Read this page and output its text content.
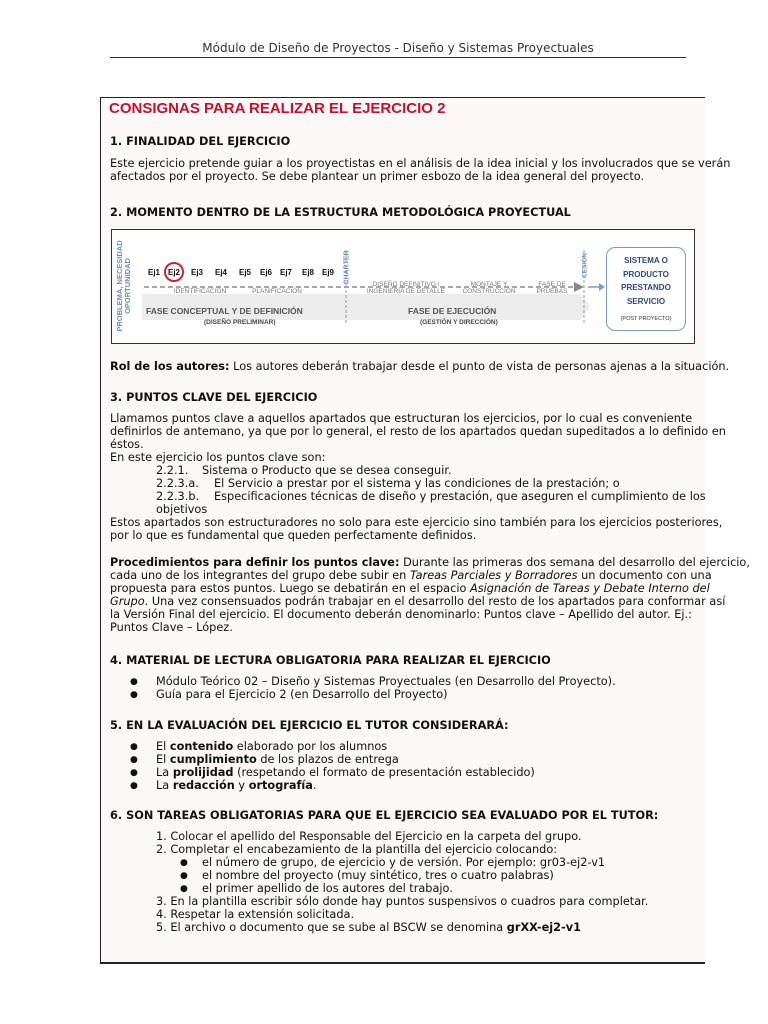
Módulo de Diseño de Proyectos - Diseño y Sistemas Proyectuales
CONSIGNAS PARA REALIZAR EL EJERCICIO 2
1. FINALIDAD DEL EJERCICIO
Este ejercicio pretende guiar a los proyectistas en el análisis de la idea inicial y los involucrados que se verán
afectados por el proyecto. Se debe plantear un primer esbozo de la idea general del proyecto.
2. MOMENTO DENTRO DE LA ESTRUCTURA METODOLÓGICA PROYECTUAL
PROBLEMA, NECESIDAD OPORTUNIDAD Ej1 Ej2 Ej3 Ej4 Ej5 Ej6 Ej7 Ej8 Ej9
IDENTIFICACIÓN	PLANIFICACIÓN
CHARTER	DISEÑO DEFINITIVO /
INGENIERÍA DE DETALLE
MONTAJE Y
CONSTRUCCIÓN
FASE DE
PRUEBAS
CESIÓN
FASE CONCEPTUAL Y DE DEFINICIÓN
(DISEÑO PRELIMINAR)
FASE DE EJECUCIÓN
(GESTIÓN Y DIRECCIÓN)
SISTEMA O
PRODUCTO
PRESTANDO
SERVICIO
(POST PROYECTO)
Rol de los autores: Los autores deberán trabajar desde el punto de vista de personas ajenas a la situación.
3. PUNTOS CLAVE DEL EJERCICIO
Llamamos puntos clave a aquellos apartados que estructuran los ejercicios, por lo cual es conveniente
definirlos de antemano, ya que por lo general, el resto de los apartados quedan supeditados a lo definido en
éstos.
En este ejercicio los puntos clave son:
2.2.1. Sistema o Producto que se desea conseguir.
2.2.3.a. El Servicio a prestar por el sistema y las condiciones de la prestación; o
2.2.3.b. Especificaciones técnicas de diseño y prestación, que aseguren el cumplimiento de los
objetivos
Estos apartados son estructuradores no solo para este ejercicio sino también para los ejercicios posteriores,
por lo que es fundamental que queden perfectamente definidos.
Procedimientos para definir los puntos clave: Durante las primeras dos semana del desarrollo del ejercicio,
cada uno de los integrantes del grupo debe subir en Tareas Parciales y Borradores un documento con una
propuesta para estos puntos. Luego se debatirán en el espacio Asignación de Tareas y Debate Interno del
Grupo. Una vez consensuados podrán trabajar en el desarrollo del resto de los apartados para conformar así
la Versión Final del ejercicio. El documento deberán denominarlo: Puntos clave – Apellido del autor. Ej.:
Puntos Clave – López.
4. MATERIAL DE LECTURA OBLIGATORIA PARA REALIZAR EL EJERCICIO
● Módulo Teórico 02 – Diseño y Sistemas Proyectuales (en Desarrollo del Proyecto).
● Guía para el Ejercicio 2 (en Desarrollo del Proyecto)
5. EN LA EVALUACIÓN DEL EJERCICIO EL TUTOR CONSIDERARÁ:
● El contenido elaborado por los alumnos
● El cumplimiento de los plazos de entrega
● La prolijidad (respetando el formato de presentación establecido)
● La redacción y ortografía.
6. SON TAREAS OBLIGATORIAS PARA QUE EL EJERCICIO SEA EVALUADO POR EL TUTOR:
1. Colocar el apellido del Responsable del Ejercicio en la carpeta del grupo.
2. Completar el encabezamiento de la plantilla del ejercicio colocando:
● el número de grupo, de ejercicio y de versión. Por ejemplo: gr03-ej2-v1
● el nombre del proyecto (muy sintético, tres o cuatro palabras)
● el primer apellido de los autores del trabajo.
3. En la plantilla escribir sólo donde hay puntos suspensivos o cuadros para completar.
4. Respetar la extensión solicitada.
5. El archivo o documento que se sube al BSCW se denomina grXX-ej2-v1
